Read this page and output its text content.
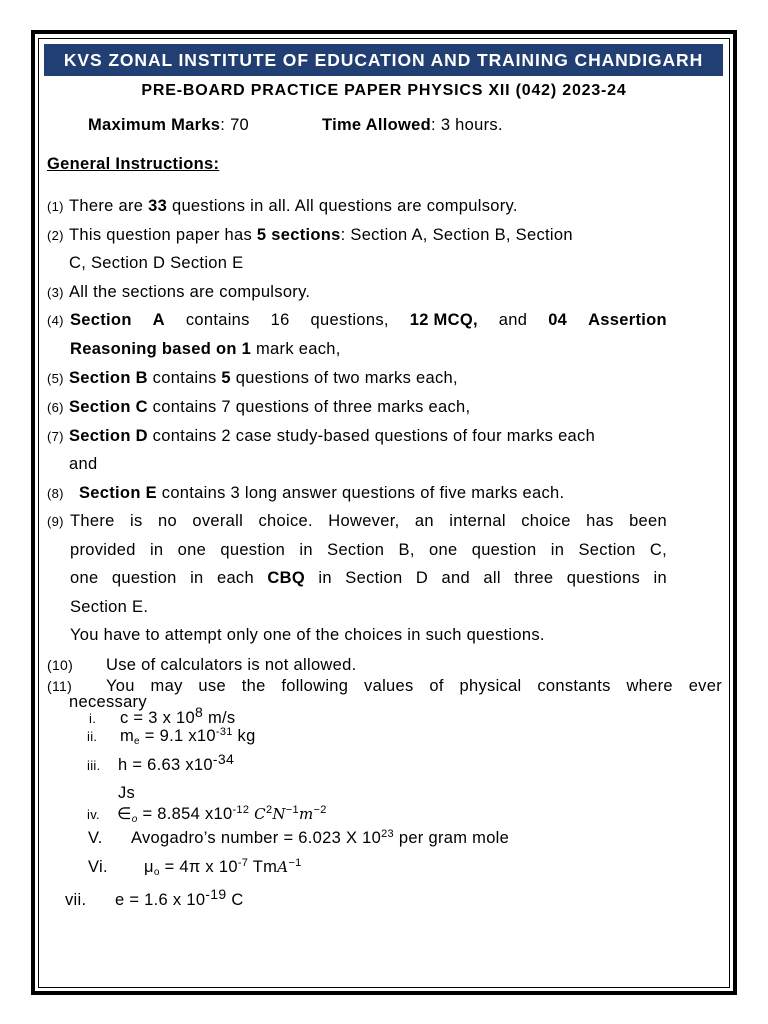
KVS ZONAL INSTITUTE OF EDUCATION AND TRAINING CHANDIGARH
PRE-BOARD PRACTICE PAPER PHYSICS XII (042) 2023-24
Maximum Marks: 70	Time Allowed: 3 hours.
General Instructions:
(1) There are 33 questions in all. All questions are compulsory.
(2) This question paper has 5 sections: Section A, Section B, Section
C, Section D Section E
(3) All the sections are compulsory.
(4) Section A contains 16 questions, 12 MCQ, and 04 Assertion
Reasoning based on 1 mark each,
(5) Section B contains 5 questions of two marks each,
(6) Section C contains 7 questions of three marks each,
(7) Section D contains 2 case study-based questions of four marks each
and
(8) Section E contains 3 long answer questions of five marks each.
(9) There is no overall choice. However, an internal choice has been
provided in one question in Section B, one question in Section C,
one question in each CBQ in Section D and all three questions in
Section E.
You have to attempt only one of the choices in such questions.
(10) Use of calculators is not allowed.
(11) You may use the following values of physical constants where ever
necessary
i. c = 3 x $10^8$ m/s
ii. $m_e = 9.1$ $x10^{-31}$ kg
iii. h = 6.63 $x10^{-34}$
Js
iv. $\in_o = 8.854$ $x10^{-12}$ $C^2N^{-1}m^{-2}$
V. Avogadro’s number = 6.023 X $10^{23}$ per gram mole
Vi. $\mu_o = 4\pi$ x $10^{-7}$ TmA$^{-1}$
vii. e = 1.6 x $10^{-19}$ C
